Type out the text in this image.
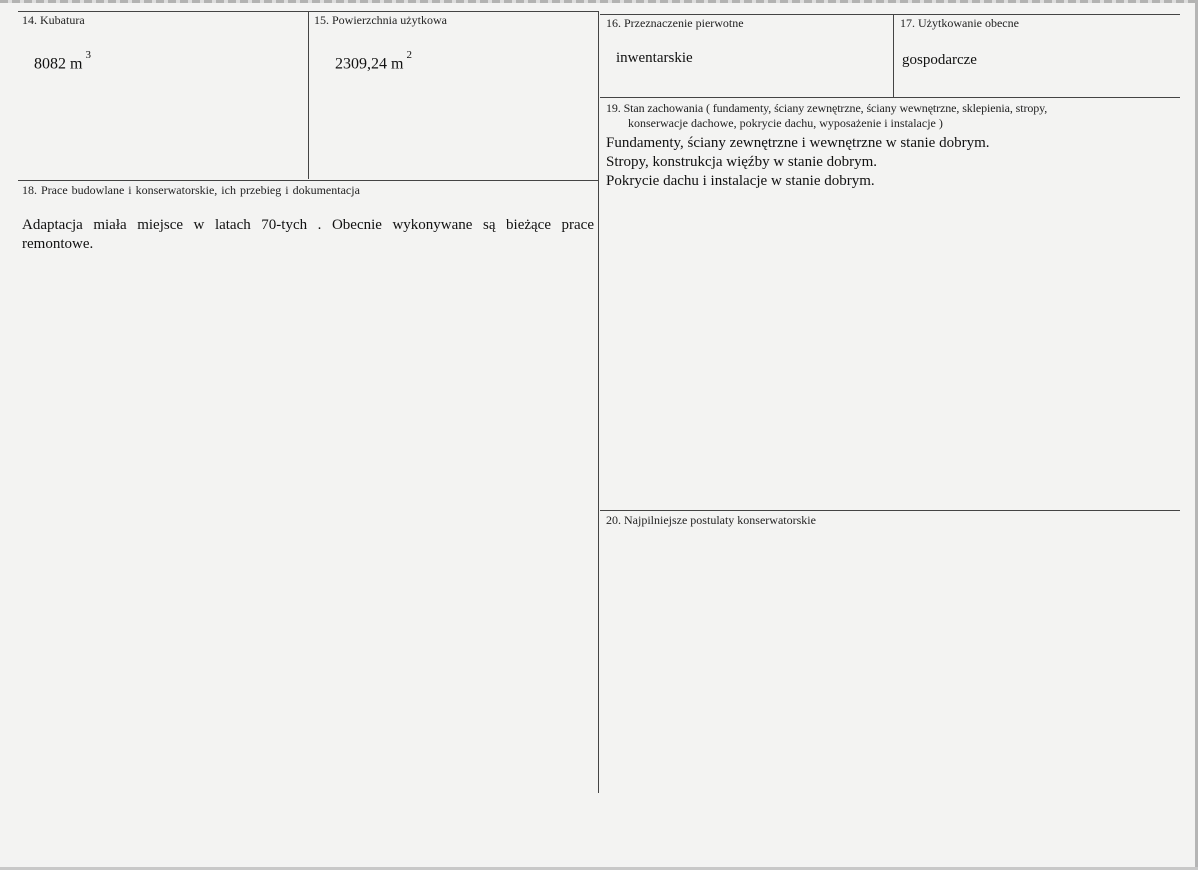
14. Kubatura
8082 $m^3$
15. Powierzchnia użytkowa
2309,24 $m^2$
16. Przeznaczenie pierwotne
inwentarskie
17. Użytkowanie obecne
gospodarcze
19. Stan zachowania ( fundamenty, ściany zewnętrzne, ściany wewnętrzne, sklepienia, stropy,
konserwacje dachowe, pokrycie dachu, wyposażenie i instalacje )
Fundamenty, ściany zewnętrzne i wewnętrzne w stanie dobrym.
Stropy, konstrukcja więźby w stanie dobrym.
Pokrycie dachu i instalacje w stanie dobrym.
18. Prace budowlane i konserwatorskie, ich przebieg i dokumentacja
Adaptacja miała miejsce w latach 70-tych . Obecnie wykonywane są bieżące prace remontowe.
20. Najpilniejsze postulaty konserwatorskie
